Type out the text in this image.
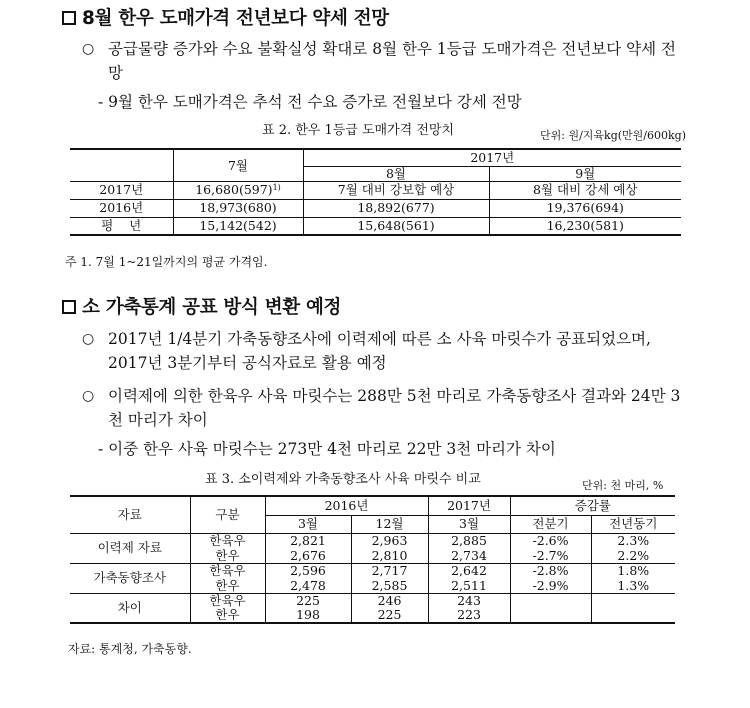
8월 한우 도매가격 전년보다 약세 전망
○ 공급물량 증가와 수요 불확실성 확대로 8월 한우 1등급 도매가격은 전년보다 약세 전망
- 9월 한우 도매가격은 추석 전 수요 증가로 전월보다 강세 전망
표 2. 한우 1등급 도매가격 전망치	단위: 원/지육kg(만원/600kg)
	7월	2017년	
		8월	9월
2017년	$16,680(597)^{1)}$	7월 대비 강보합 예상	8월 대비 강세 예상
2016년	18,973(680)	18,892(677)	19,376(694)
평    년	15,142(542)	15,648(561)	16,230(581)
주 1. 7월 1~21일까지의 평균 가격임.
소 가축통계 공표 방식 변환 예정
○ 2017년 1/4분기 가축동향조사에 이력제에 따른 소 사육 마릿수가 공표되었으며, 2017년 3분기부터 공식자료로 활용 예정
○ 이력제에 의한 한육우 사육 마릿수는 288만 5천 마리로 가축동향조사 결과와 24만 3천 마리가 차이
- 이중 한우 사육 마릿수는 273만 4천 마리로 22만 3천 마리가 차이
표 3. 소이력제와 가축동향조사 사육 마릿수 비교	단위: 천 마리, %
자료	구분	2016년		2017년	증감률	
		3월	12월	3월	전분기	전년동기
이력제 자료	한육우	2,821	2,963	2,885	-2.6%	2.3%
	한우	2,676	2,810	2,734	-2.7%	2.2%
가축동향조사	한육우	2,596	2,717	2,642	-2.8%	1.8%
	한우	2,478	2,585	2,511	-2.9%	1.3%
차이	한육우	225	246	243		
	한우	198	225	223		
자료: 통계청, 가축동향.
